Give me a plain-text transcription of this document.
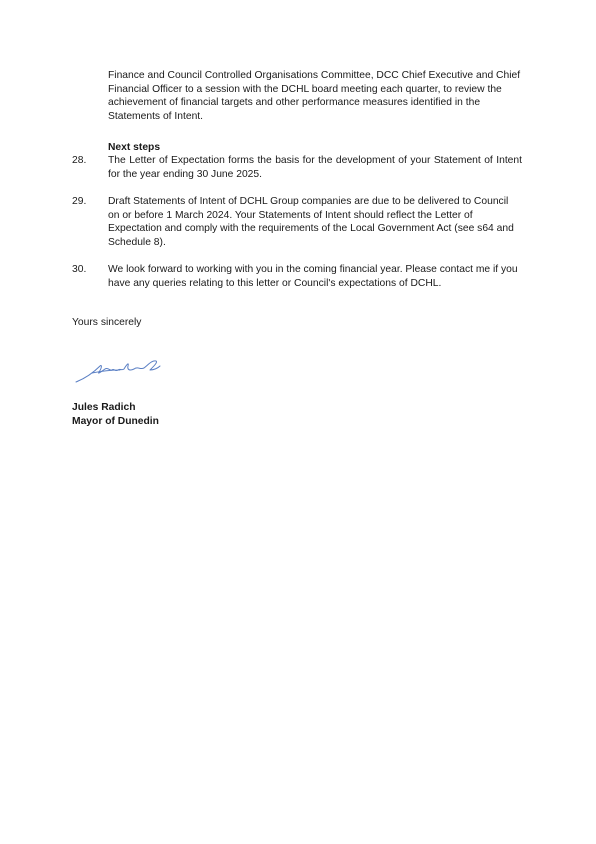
Finance and Council Controlled Organisations Committee, DCC Chief Executive and Chief Financial Officer to a session with the DCHL board meeting each quarter, to review the achievement of financial targets and other performance measures identified in the Statements of Intent.
Next steps
28.	The Letter of Expectation forms the basis for the development of your Statement of Intent for the year ending 30 June 2025.
29.	Draft Statements of Intent of DCHL Group companies are due to be delivered to Council on or before 1 March 2024. Your Statements of Intent should reflect the Letter of Expectation and comply with the requirements of the Local Government Act (see s64 and Schedule 8).
30.	We look forward to working with you in the coming financial year. Please contact me if you have any queries relating to this letter or Council's expectations of DCHL.
Yours sincerely
Jules Radich
Mayor of Dunedin
